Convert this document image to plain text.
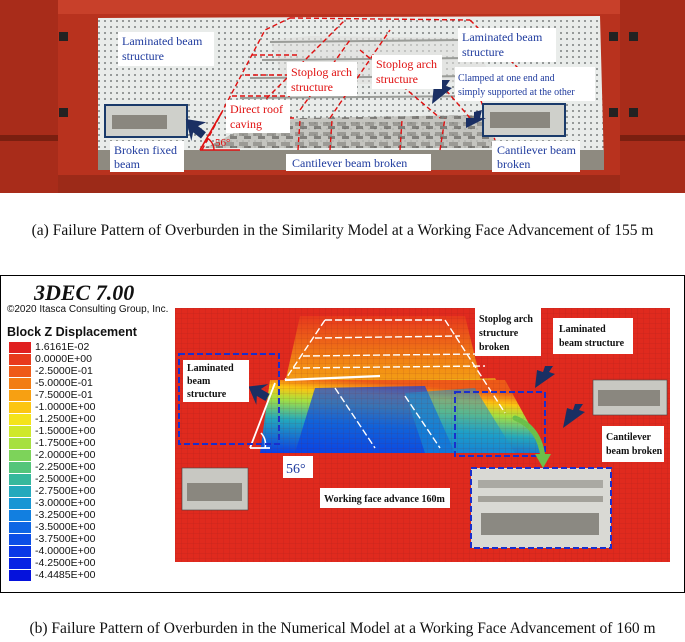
Laminated beam
structure
Laminated beam
structure
Clamped at one end and
simply supported at the other
Broken fixed
beam	Cantilever beam broken
Cantilever beam
broken
Stoplog arch
structure
Stoplog arch
structure
Direct roof
caving
56°
(a) Failure Pattern of Overburden in the Similarity Model at a Working Face Advancement of 155 m
3DEC 7.00
©2020 Itasca Consulting Group, Inc.
Block Z Displacement
1.6161E-02
0.0000E+00
-2.5000E-01
-5.0000E-01
-7.5000E-01
-1.0000E+00
-1.2500E+00
-1.5000E+00
-1.7500E+00
-2.0000E+00
-2.2500E+00
-2.5000E+00
-2.7500E+00
-3.0000E+00
-3.2500E+00
-3.5000E+00
-3.7500E+00
-4.0000E+00
-4.2500E+00
-4.4485E+00
Stoplog arch
structure
broken
Laminated
beam structure
Laminated
beam
structure
Cantilever
beam broken
Working face advance 160m
56°
(b) Failure Pattern of Overburden in the Numerical Model at a Working Face Advancement of 160 m
